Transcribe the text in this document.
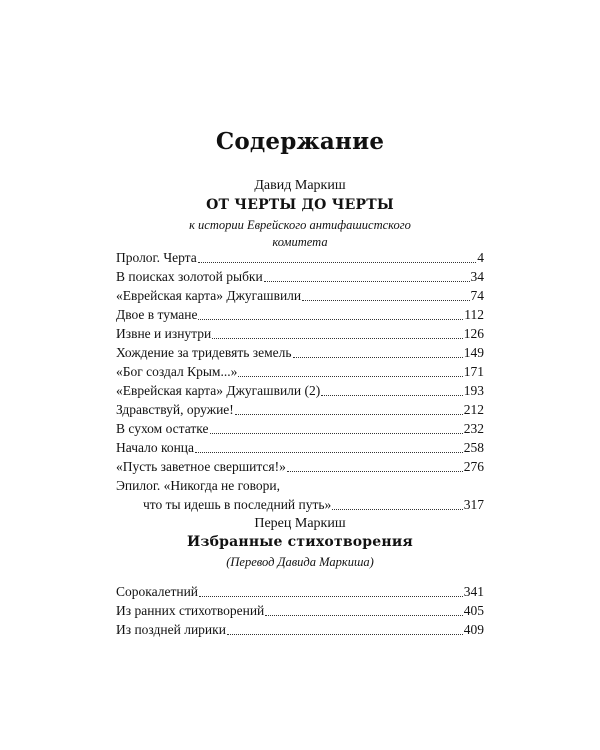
Содержание
Давид Маркиш
ОТ ЧЕРТЫ ДО ЧЕРТЫ
к истории Еврейского антифашистского
комитета
Пролог. Черта	4
В поисках золотой рыбки	34
«Еврейская карта» Джугашвили	74
Двое в тумане	112
Извне и изнутри	126
Хождение за тридевять земель	149
«Бог создал Крым...»	171
«Еврейская карта» Джугашвили (2)	193
Здравствуй, оружие!	212
В сухом остатке	232
Начало конца	258
«Пусть заветное свершится!»	276
Эпилог. «Никогда не говори,
что ты идешь в последний путь»	317
Перец Маркиш
Избранные стихотворения
(Перевод Давида Маркиша)
Сорокалетний	341
Из ранних стихотворений	405
Из поздней лирики	409
